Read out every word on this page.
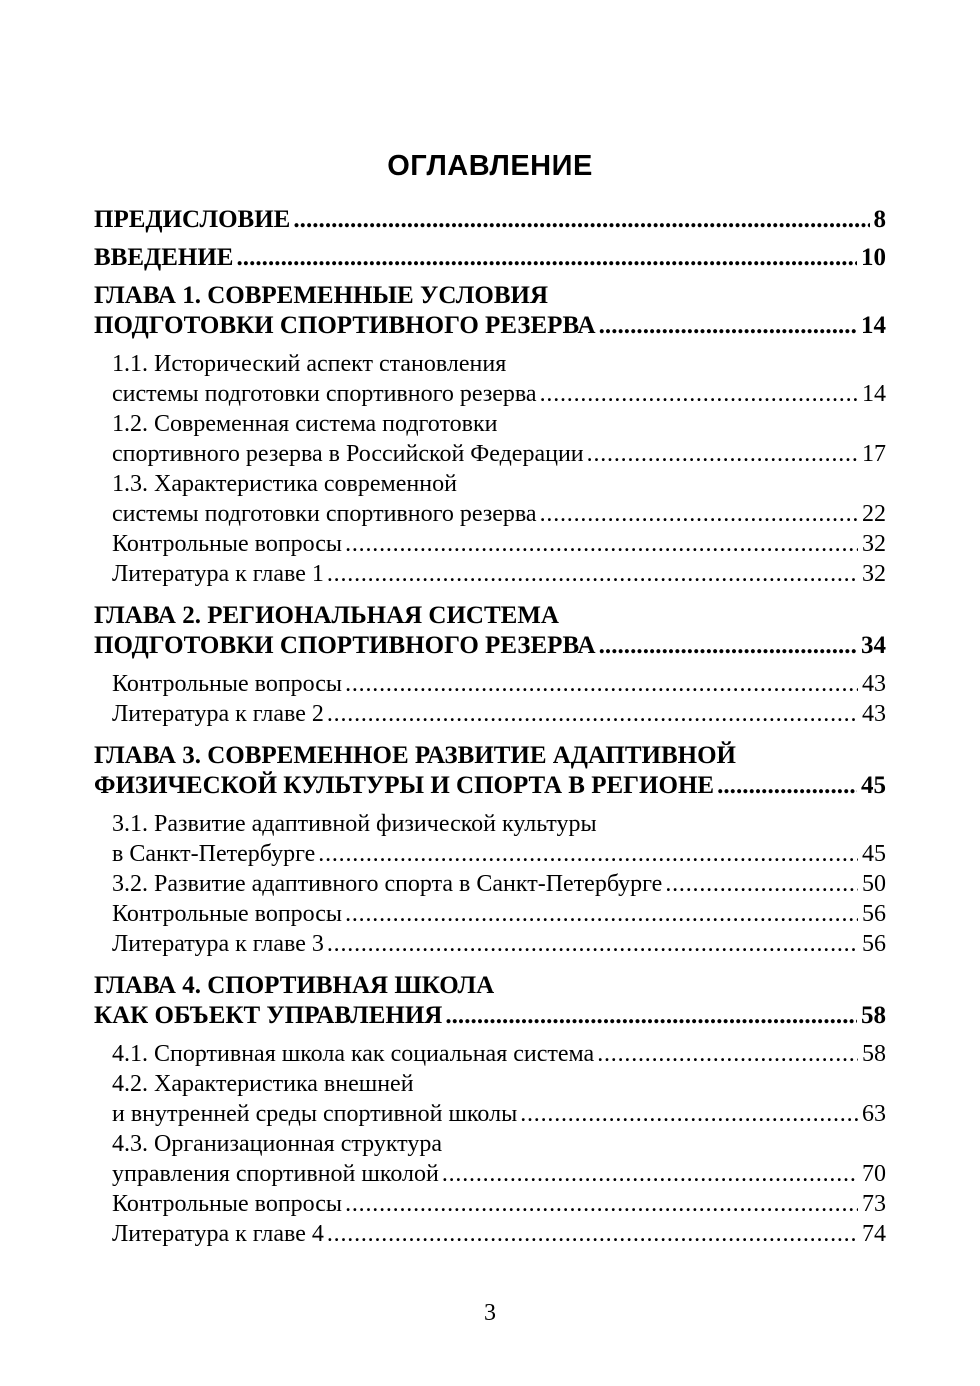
ОГЛАВЛЕНИЕ
ПРЕДИСЛОВИЕ . . .	8
ВВЕДЕНИЕ . . .	10
ГЛАВА 1. СОВРЕМЕННЫЕ УСЛОВИЯ
ПОДГОТОВКИ СПОРТИВНОГО РЕЗЕРВА . . .	14
1.1. Исторический аспект становления
системы подготовки спортивного резерва . . .	14
1.2. Современная система подготовки
спортивного резерва в Российской Федерации . . .	17
1.3. Характеристика современной
системы подготовки спортивного резерва . . .	22
Контрольные вопросы . . .	32
Литература к главе 1 . . .	32
ГЛАВА 2. РЕГИОНАЛЬНАЯ СИСТЕМА
ПОДГОТОВКИ СПОРТИВНОГО РЕЗЕРВА . . .	34
Контрольные вопросы . . .	43
Литература к главе 2 . . .	43
ГЛАВА 3. СОВРЕМЕННОЕ РАЗВИТИЕ АДАПТИВНОЙ
ФИЗИЧЕСКОЙ КУЛЬТУРЫ И СПОРТА В РЕГИОНЕ . . .	45
3.1. Развитие адаптивной физической культуры
в Санкт-Петербурге . . .	45
3.2. Развитие адаптивного спорта в Санкт-Петербурге . . .	50
Контрольные вопросы . . .	56
Литература к главе 3 . . .	56
ГЛАВА 4. СПОРТИВНАЯ ШКОЛА
КАК ОБЪЕКТ УПРАВЛЕНИЯ . . .	58
4.1. Спортивная школа как социальная система . . .	58
4.2. Характеристика внешней
и внутренней среды спортивной школы . . .	63
4.3. Организационная структура
управления спортивной школой . . .	70
Контрольные вопросы . . .	73
Литература к главе 4 . . .	74
3
